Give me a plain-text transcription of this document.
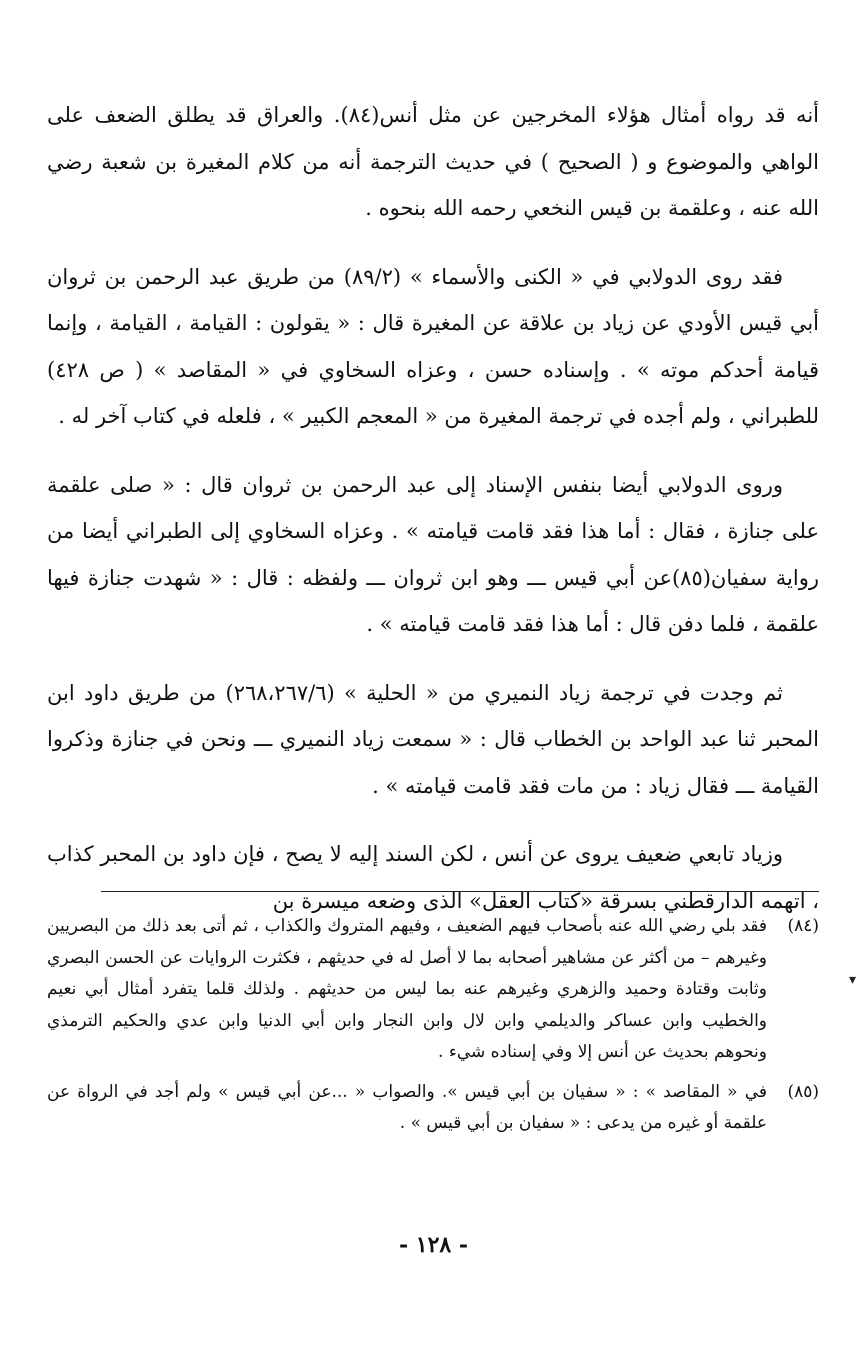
أنه قد رواه أمثال هؤلاء المخرجين عن مثل أنس(٨٤). والعراق قد يطلق الضعف على الواهي والموضوع و ( الصحيح ) في حديث الترجمة أنه من كلام المغيرة بن شعبة رضي الله عنه ، وعلقمة بن قيس النخعي رحمه الله بنحوه .

فقد روى الدولابي في « الكنى والأسماء » (٨٩/٢) من طريق عبد الرحمن بن ثروان أبي قيس الأودي عن زياد بن علاقة عن المغيرة قال : « يقولون : القيامة ، القيامة ، وإنما قيامة أحدكم موته » . وإسناده حسن ، وعزاه السخاوي في « المقاصد » ( ص ٤٢٨) للطبراني ، ولم أجده في ترجمة المغيرة من « المعجم الكبير » ، فلعله في كتاب آخر له .

وروى الدولابي أيضا بنفس الإسناد إلى عبد الرحمن بن ثروان قال : « صلى علقمة على جنازة ، فقال : أما هذا فقد قامت قيامته » . وعزاه السخاوي إلى الطبراني أيضا من رواية سفيان(٨٥)عن أبي قيس ـــ وهو ابن ثروان ـــ ولفظه : قال : « شهدت جنازة فيها علقمة ، فلما دفن قال : أما هذا فقد قامت قيامته » .

ثم وجدت في ترجمة زياد النميري من « الحلية » (٢٦٨،٢٦٧/٦) من طريق داود ابن المحبر ثنا عبد الواحد بن الخطاب قال : « سمعت زياد النميري ـــ ونحن في جنازة وذكروا القيامة ـــ فقال زياد : من مات فقد قامت قيامته » .

وزياد تابعي ضعيف يروى عن أنس ، لكن السند إليه لا يصح ، فإن داود بن المحبر كذاب ، اتهمه الدارقطني بسرقة «كتاب العقل» الذى وضعه ميسرة بن

(٨٤)
فقد بلي رضي الله عنه بأصحاب فيهم الضعيف ، وفيهم المتروك والكذاب ، ثم أتى بعد ذلك من البصريين وغيرهم – من أكثر عن مشاهير أصحابه بما لا أصل له في حديثهم ، فكثرت الروايات عن الحسن البصري وثابت وقتادة وحميد والزهري وغيرهم عنه بما ليس من حديثهم . ولذلك قلما يتفرد أمثال أبي نعيم والخطيب وابن عساكر والديلمي وابن لال وابن النجار وابن أبي الدنيا وابن عدي والحكيم الترمذي ونحوهم بحديث عن أنس إلا وفي إسناده شيء .

(٨٥)
في « المقاصد » : « سفيان بن أبي قيس ». والصواب « ...عن أبي قيس » ولم أجد في الرواة عن علقمة أو غيره من يدعى : « سفيان بن أبي قيس » .

▾
- ١٢٨ -
